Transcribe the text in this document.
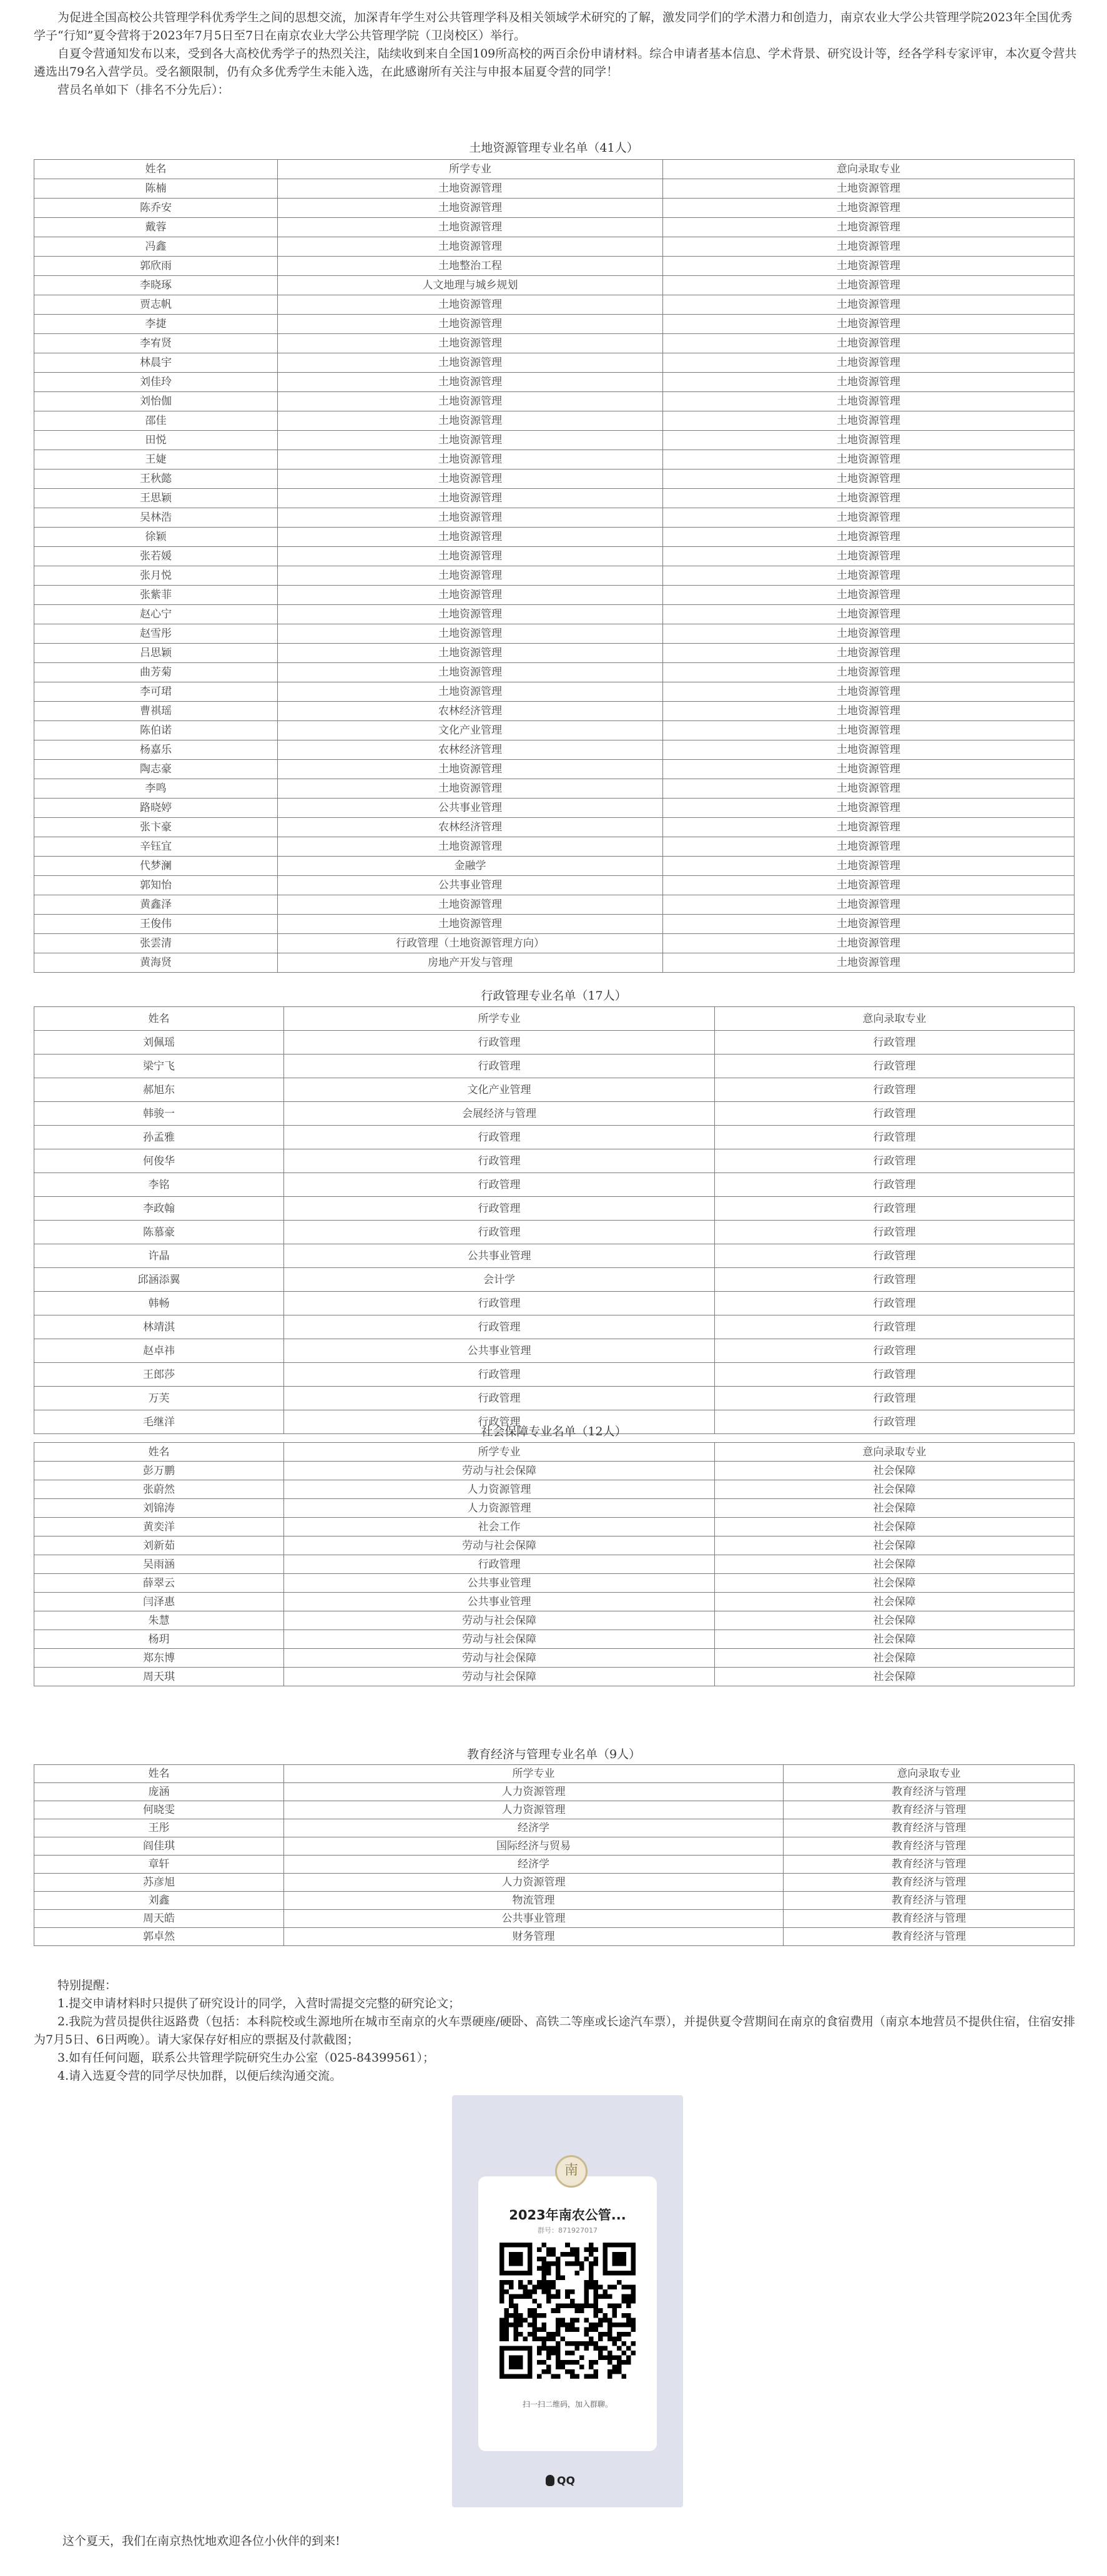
为促进全国高校公共管理学科优秀学生之间的思想交流，加深青年学生对公共管理学科及相关领域学术研究的了解，激发同学们的学术潜力和创造力，南京农业大学公共管理学院2023年全国优秀学子“行知”夏令营将于2023年7月5日至7日在南京农业大学公共管理学院（卫岗校区）举行。

自夏令营通知发布以来，受到各大高校优秀学子的热烈关注，陆续收到来自全国109所高校的两百余份申请材料。综合申请者基本信息、学术背景、研究设计等，经各学科专家评审，本次夏令营共遴选出79名入营学员。受名额限制，仍有众多优秀学生未能入选，在此感谢所有关注与申报本届夏令营的同学！

营员名单如下（排名不分先后）：

土地资源管理专业名单（41人）
姓名	所学专业	意向录取专业
陈楠	土地资源管理	土地资源管理
陈乔安	土地资源管理	土地资源管理
戴蓉	土地资源管理	土地资源管理
冯鑫	土地资源管理	土地资源管理
郭欣雨	土地整治工程	土地资源管理
李晓琢	人文地理与城乡规划	土地资源管理
贾志帆	土地资源管理	土地资源管理
李捷	土地资源管理	土地资源管理
李宥贤	土地资源管理	土地资源管理
林晨宇	土地资源管理	土地资源管理
刘佳玲	土地资源管理	土地资源管理
刘怡伽	土地资源管理	土地资源管理
邵佳	土地资源管理	土地资源管理
田悦	土地资源管理	土地资源管理
王婕	土地资源管理	土地资源管理
王秋懿	土地资源管理	土地资源管理
王思颖	土地资源管理	土地资源管理
吴林浩	土地资源管理	土地资源管理
徐颖	土地资源管理	土地资源管理
张若媛	土地资源管理	土地资源管理
张月悦	土地资源管理	土地资源管理
张紫菲	土地资源管理	土地资源管理
赵心宁	土地资源管理	土地资源管理
赵雪彤	土地资源管理	土地资源管理
吕思颖	土地资源管理	土地资源管理
曲芳菊	土地资源管理	土地资源管理
李可珺	土地资源管理	土地资源管理
曹祺瑶	农林经济管理	土地资源管理
陈伯诺	文化产业管理	土地资源管理
杨嘉乐	农林经济管理	土地资源管理
陶志豪	土地资源管理	土地资源管理
李鸣	土地资源管理	土地资源管理
路晓婷	公共事业管理	土地资源管理
张卞豪	农林经济管理	土地资源管理
辛钰宜	土地资源管理	土地资源管理
代梦澜	金融学	土地资源管理
郭知怡	公共事业管理	土地资源管理
黄鑫泽	土地资源管理	土地资源管理
王俊伟	土地资源管理	土地资源管理
张雲清	行政管理（土地资源管理方向）	土地资源管理
黄海贤	房地产开发与管理	土地资源管理
行政管理专业名单（17人）
姓名	所学专业	意向录取专业
刘佩瑶	行政管理	行政管理
梁宁飞	行政管理	行政管理
郝旭东	文化产业管理	行政管理
韩骏一	会展经济与管理	行政管理
孙孟雅	行政管理	行政管理
何俊华	行政管理	行政管理
李铭	行政管理	行政管理
李政翰	行政管理	行政管理
陈慕豪	行政管理	行政管理
许晶	公共事业管理	行政管理
邱涵添翼	会计学	行政管理
韩畅	行政管理	行政管理
林靖淇	行政管理	行政管理
赵卓祎	公共事业管理	行政管理
王郎莎	行政管理	行政管理
万芙	行政管理	行政管理
毛继洋	行政管理	行政管理
社会保障专业名单（12人）
姓名	所学专业	意向录取专业
彭万鹏	劳动与社会保障	社会保障
张蔚然	人力资源管理	社会保障
刘锦涛	人力资源管理	社会保障
黄奕洋	社会工作	社会保障
刘新茹	劳动与社会保障	社会保障
吴雨涵	行政管理	社会保障
薛翠云	公共事业管理	社会保障
闫泽惠	公共事业管理	社会保障
朱慧	劳动与社会保障	社会保障
杨玥	劳动与社会保障	社会保障
郑东博	劳动与社会保障	社会保障
周天琪	劳动与社会保障	社会保障
教育经济与管理专业名单（9人）
姓名	所学专业	意向录取专业
庞涵	人力资源管理	教育经济与管理
何晓雯	人力资源管理	教育经济与管理
王彤	经济学	教育经济与管理
阎佳琪	国际经济与贸易	教育经济与管理
章轩	经济学	教育经济与管理
苏彦旭	人力资源管理	教育经济与管理
刘鑫	物流管理	教育经济与管理
周天皓	公共事业管理	教育经济与管理
郭卓然	财务管理	教育经济与管理

特别提醒：

1.提交申请材料时只提供了研究设计的同学，入营时需提交完整的研究论文；

2.我院为营员提供往返路费（包括：本科院校或生源地所在城市至南京的火车票硬座/硬卧、高铁二等座或长途汽车票），并提供夏令营期间在南京的食宿费用（南京本地营员不提供住宿，住宿安排为7月5日、6日两晚）。请大家保存好相应的票据及付款截图；

3.如有任何问题，联系公共管理学院研究生办公室（025-84399561）；

4.请入选夏令营的同学尽快加群，以便后续沟通交流。

南
2023年南农公管...
群号：871927017
扫一扫二维码，加入群聊。
QQ
这个夏天，我们在南京热忱地欢迎各位小伙伴的到来!
